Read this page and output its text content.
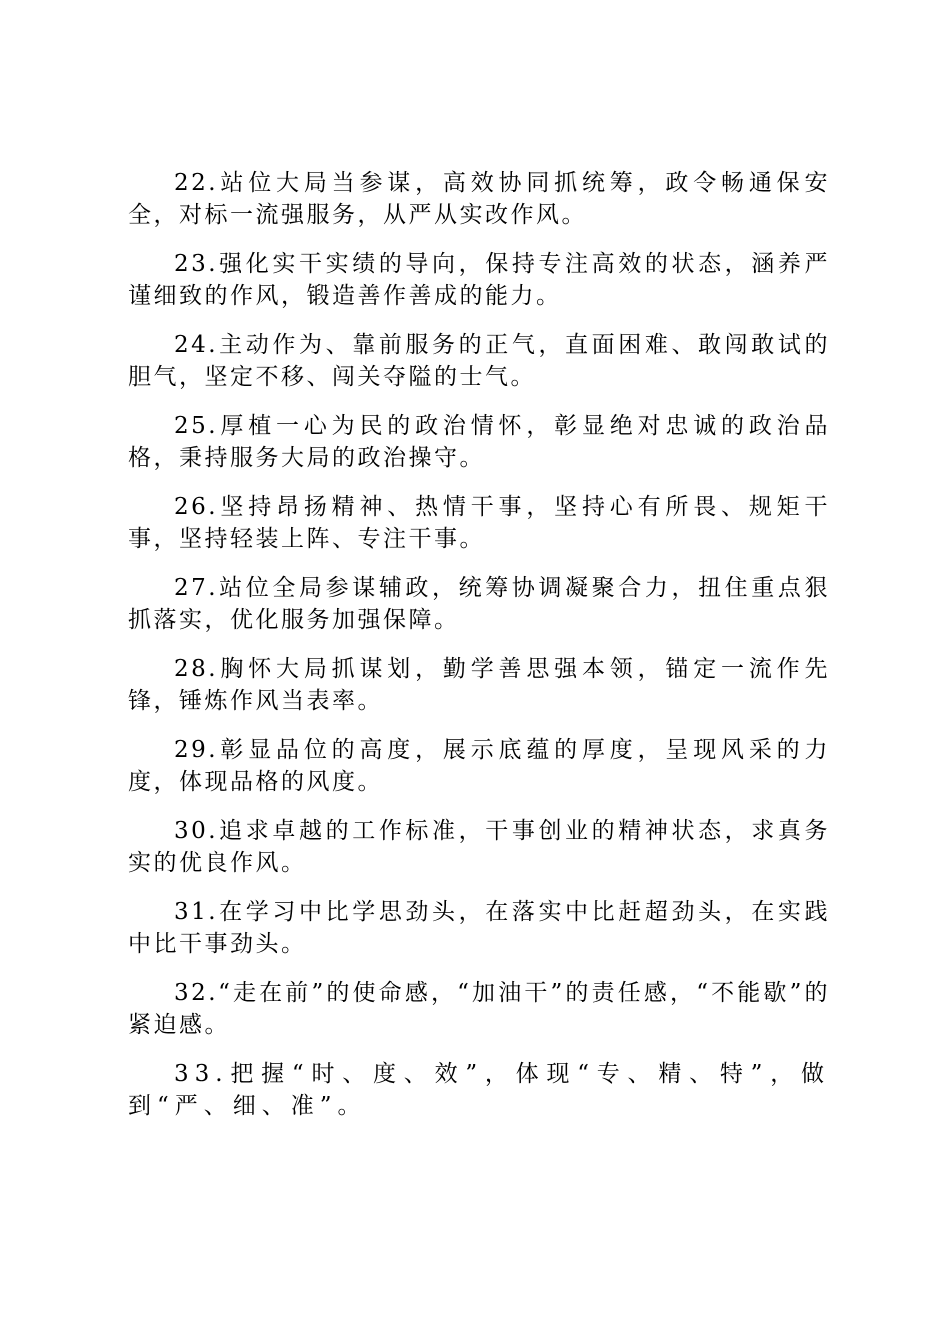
22.站位大局当参谋，高效协同抓统筹，政令畅通保安全，对标一流强服务，从严从实改作风。

23.强化实干实绩的导向，保持专注高效的状态，涵养严谨细致的作风，锻造善作善成的能力。

24.主动作为、靠前服务的正气，直面困难、敢闯敢试的胆气，坚定不移、闯关夺隘的士气。

25.厚植一心为民的政治情怀，彰显绝对忠诚的政治品格，秉持服务大局的政治操守。

26.坚持昂扬精神、热情干事，坚持心有所畏、规矩干事，坚持轻装上阵、专注干事。

27.站位全局参谋辅政，统筹协调凝聚合力，扭住重点狠抓落实，优化服务加强保障。

28.胸怀大局抓谋划，勤学善思强本领，锚定一流作先锋，锤炼作风当表率。

29.彰显品位的高度，展示底蕴的厚度，呈现风采的力度，体现品格的风度。

30.追求卓越的工作标准，干事创业的精神状态，求真务实的优良作风。

31.在学习中比学思劲头，在落实中比赶超劲头，在实践中比干事劲头。

32.“走在前”的使命感，“加油干”的责任感，“不能歇”的紧迫感。

33.把握“时、度、效”，体现“专、精、特”，做到“严、细、准”。
